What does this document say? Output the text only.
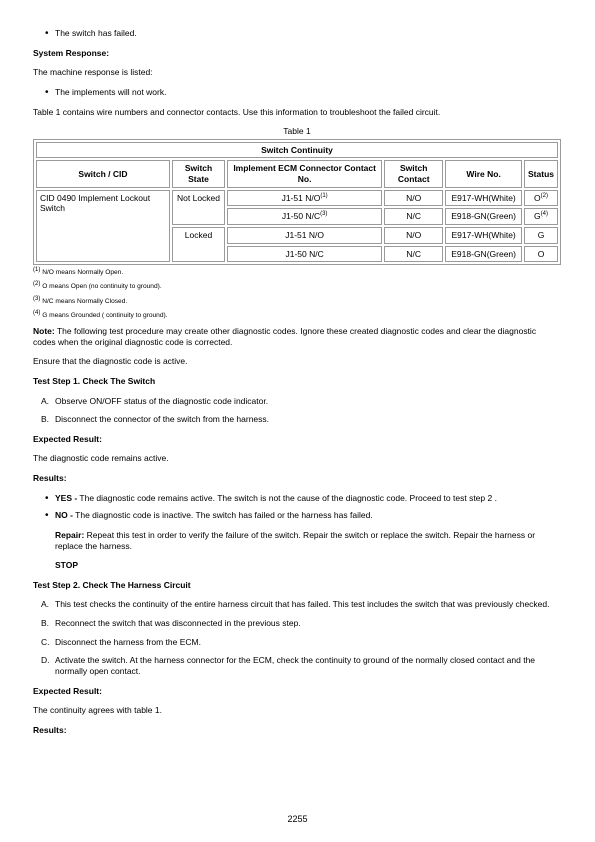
• The switch has failed.

System Response:

The machine response is listed:

• The implements will not work.

Table 1 contains wire numbers and connector contacts. Use this information to troubleshoot the failed circuit.

Table 1
Switch Continuity					
Switch / CID	Switch State	Implement ECM Connector Contact No.	Switch Contact	Wire No.	Status
CID 0490 Implement Lockout Switch	Not Locked	J1-51 $N/O^{(1)}$	N/O	E917-WH(White)	$O^{(2)}$
		J1-50 $N/C^{(3)}$	N/C	E918-GN(Green)	$G^{(4)}$
	Locked	J1-51 N/O	N/O	E917-WH(White)	G
		J1-50 N/C	N/C	E918-GN(Green)	O

$^{(1)}$ N/O means Normally Open.

$^{(2)}$ O means Open (no continuity to ground).

$^{(3)}$ N/C means Normally Closed.

$^{(4)}$ G means Grounded ( continuity to ground).

Note: The following test procedure may create other diagnostic codes. Ignore these created diagnostic codes and clear the diagnostic codes when the original diagnostic code is corrected.

Ensure that the diagnostic code is active.

Test Step 1. Check The Switch

A. Observe ON/OFF status of the diagnostic code indicator.
B. Disconnect the connector of the switch from the harness.

Expected Result:

The diagnostic code remains active.

Results:

• YES - The diagnostic code remains active. The switch is not the cause of the diagnostic code. Proceed to test step 2 .
• NO - The diagnostic code is inactive. The switch has failed or the harness has failed.

Repair: Repeat this test in order to verify the failure of the switch. Repair the switch or replace the switch. Repair the harness or replace the harness.

STOP

Test Step 2. Check The Harness Circuit

A. This test checks the continuity of the entire harness circuit that has failed. This test includes the switch that was previously checked.
B. Reconnect the switch that was disconnected in the previous step.
C. Disconnect the harness from the ECM.
D. Activate the switch. At the harness connector for the ECM, check the continuity to ground of the normally closed contact and the normally open contact.

Expected Result:

The continuity agrees with table 1.

Results:

2255
